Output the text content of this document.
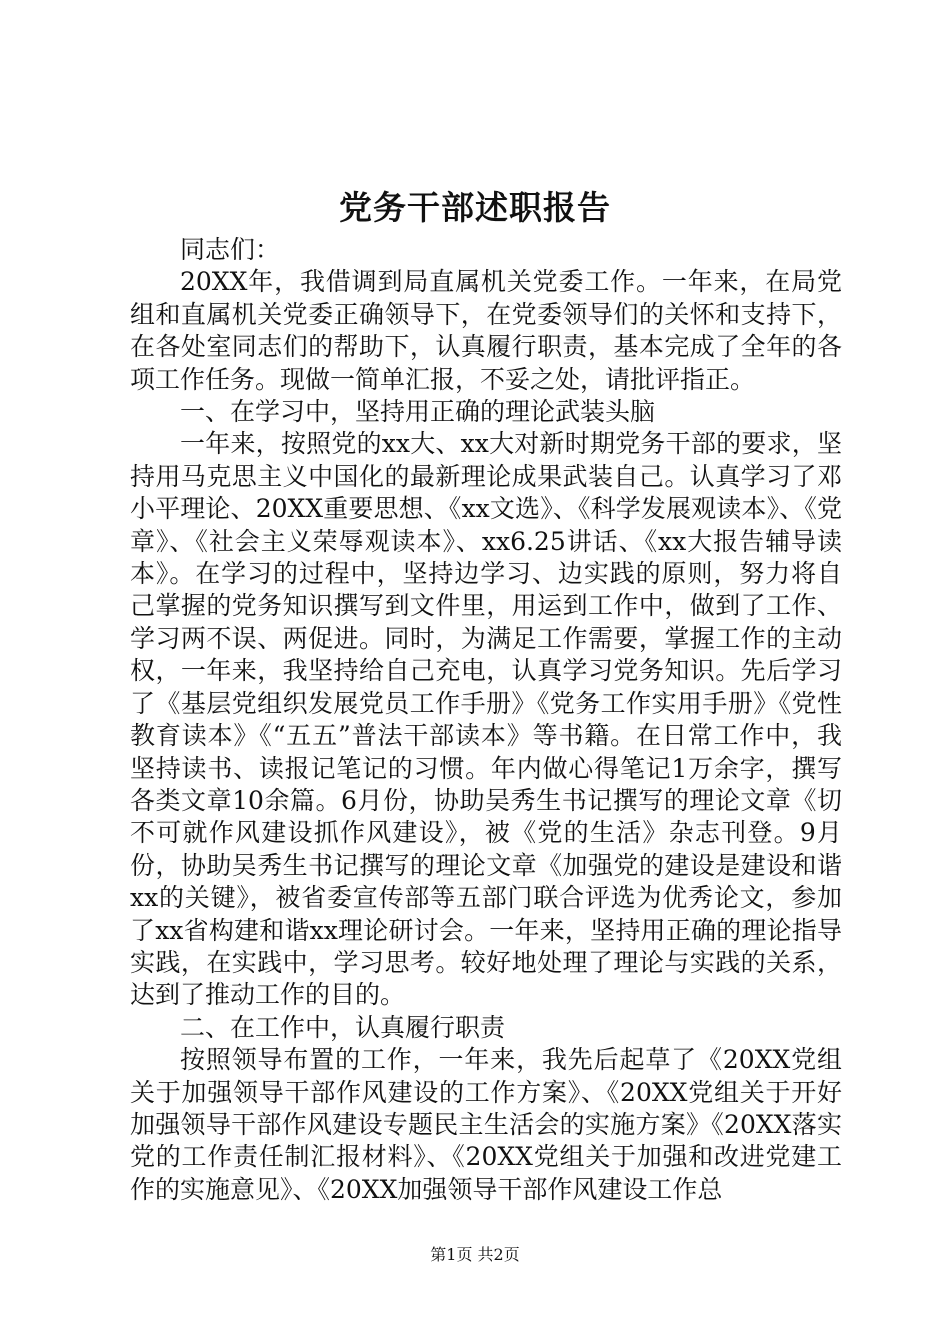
党务干部述职报告

同志们：

20XX年，我借调到局直属机关党委工作。一年来，在局党组和直属机关党委正确领导下，在党委领导们的关怀和支持下，在各处室同志们的帮助下，认真履行职责，基本完成了全年的各项工作任务。现做一简单汇报，不妥之处，请批评指正。

一、在学习中，坚持用正确的理论武装头脑

一年来，按照党的xx大、xx大对新时期党务干部的要求，坚持用马克思主义中国化的最新理论成果武装自己。认真学习了邓小平理论、20XX重要思想、《xx文选》、《科学发展观读本》、《党章》、《社会主义荣辱观读本》、xx6.25讲话、《xx大报告辅导读本》。在学习的过程中，坚持边学习、边实践的原则，努力将自己掌握的党务知识撰写到文件里，用运到工作中，做到了工作、学习两不误、两促进。同时，为满足工作需要，掌握工作的主动权，一年来，我坚持给自己充电，认真学习党务知识。先后学习了《基层党组织发展党员工作手册》《党务工作实用手册》《党性教育读本》《“五五”普法干部读本》等书籍。在日常工作中，我坚持读书、读报记笔记的习惯。年内做心得笔记1万余字，撰写各类文章10余篇。6月份，协助吴秀生书记撰写的理论文章《切不可就作风建设抓作风建设》，被《党的生活》杂志刊登。9月份，协助吴秀生书记撰写的理论文章《加强党的建设是建设和谐xx的关键》，被省委宣传部等五部门联合评选为优秀论文，参加了xx省构建和谐xx理论研讨会。一年来，坚持用正确的理论指导实践，在实践中，学习思考。较好地处理了理论与实践的关系，达到了推动工作的目的。

二、在工作中，认真履行职责

按照领导布置的工作，一年来，我先后起草了《20XX党组关于加强领导干部作风建设的工作方案》、《20XX党组关于开好加强领导干部作风建设专题民主生活会的实施方案》《20XX落实党的工作责任制汇报材料》、《20XX党组关于加强和改进党建工作的实施意见》、《20XX加强领导干部作风建设工作总

第1页 共2页
